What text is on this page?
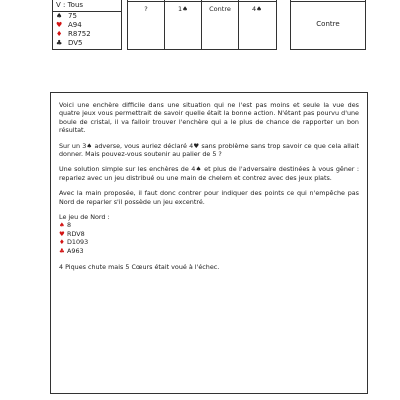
V : Tous
♠ 75
♥ A94
♦ R8752
♣ DV5
?	1♠	Contre	4♠
Contre

Voici une enchère difficile dans une situation qui ne l'est pas moins et seule la vue des quatre jeux vous permettrait de savoir quelle était la bonne action. N'étant pas pourvu d'une boule de cristal, il va falloir trouver l'enchère qui a le plus de chance de rapporter un bon résultat.

Sur un 3♠ adverse, vous auriez déclaré 4♥ sans problème sans trop savoir ce que cela allait donner. Mais pouvez-vous soutenir au palier de 5 ?

Une solution simple sur les enchères de 4♠ et plus de l'adversaire destinées à vous gêner : reparlez avec un jeu distribué ou une main de chelem et contrez avec des jeux plats.

Avec la main proposée, il faut donc contrer pour indiquer des points ce qui n'empêche pas Nord de reparler s'il possède un jeu excentré.

Le jeu de Nord :
♠ 8
♥ RDV8
♦ D1093
♣ A963

4 Piques chute mais 5 Cœurs était voué à l'échec.
